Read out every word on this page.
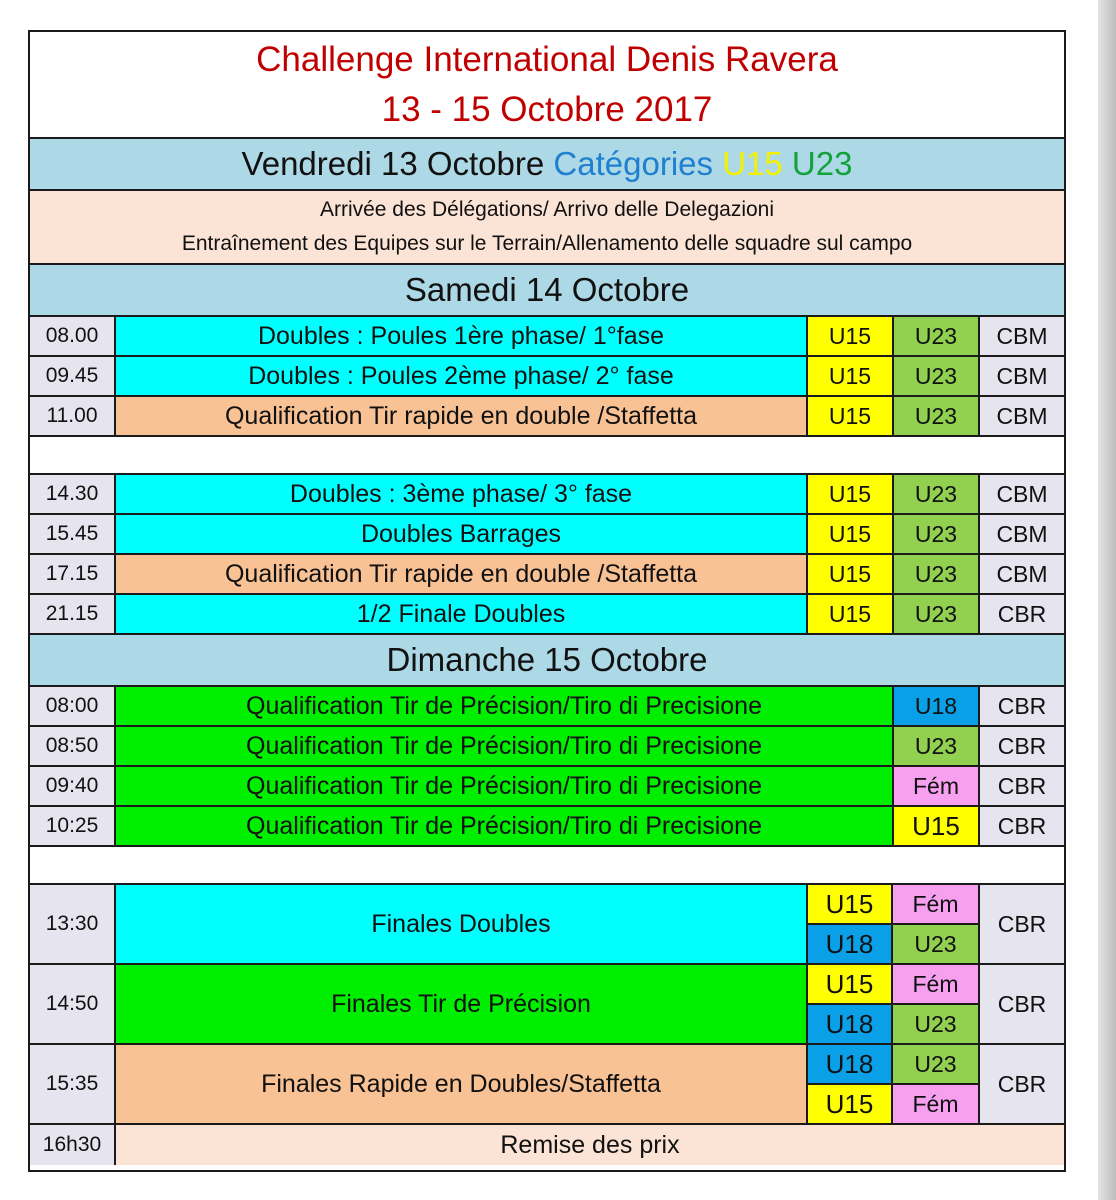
Challenge International Denis Ravera
13 - 15 Octobre 2017
Vendredi 13 Octobre
Catégories
U15
U23
Arrivée des Délégations/ Arrivo delle Delegazioni
Entraînement des Equipes sur le Terrain/Allenamento delle squadre sul campo
Samedi 14 Octobre
08.00	Doubles : Poules 1ère phase/ 1°fase	U15	U23	CBM
09.45	Doubles : Poules 2ème phase/ 2° fase	U15	U23	CBM
11.00	Qualification Tir rapide en double /Staffetta	U15	U23	CBM
14.30	Doubles : 3ème phase/ 3° fase	U15	U23	CBM
15.45	Doubles Barrages	U15	U23	CBM
17.15	Qualification Tir rapide en double /Staffetta	U15	U23	CBM
21.15	1/2 Finale Doubles	U15	U23	CBR
Dimanche 15 Octobre
08:00	Qualification Tir de Précision/Tiro di Precisione	U18	CBR
08:50	Qualification Tir de Précision/Tiro di Precisione	U23	CBR
09:40	Qualification Tir de Précision/Tiro di Precisione	Fém	CBR
10:25	Qualification Tir de Précision/Tiro di Precisione	U15	CBR
13:30	Finales Doubles
U15	Fém
U18	U23
CBR
14:50	Finales Tir de Précision
U15	Fém
U18	U23
CBR
15:35	Finales Rapide en Doubles/Staffetta
U18	U23
U15	Fém
CBR
16h30	Remise des prix
